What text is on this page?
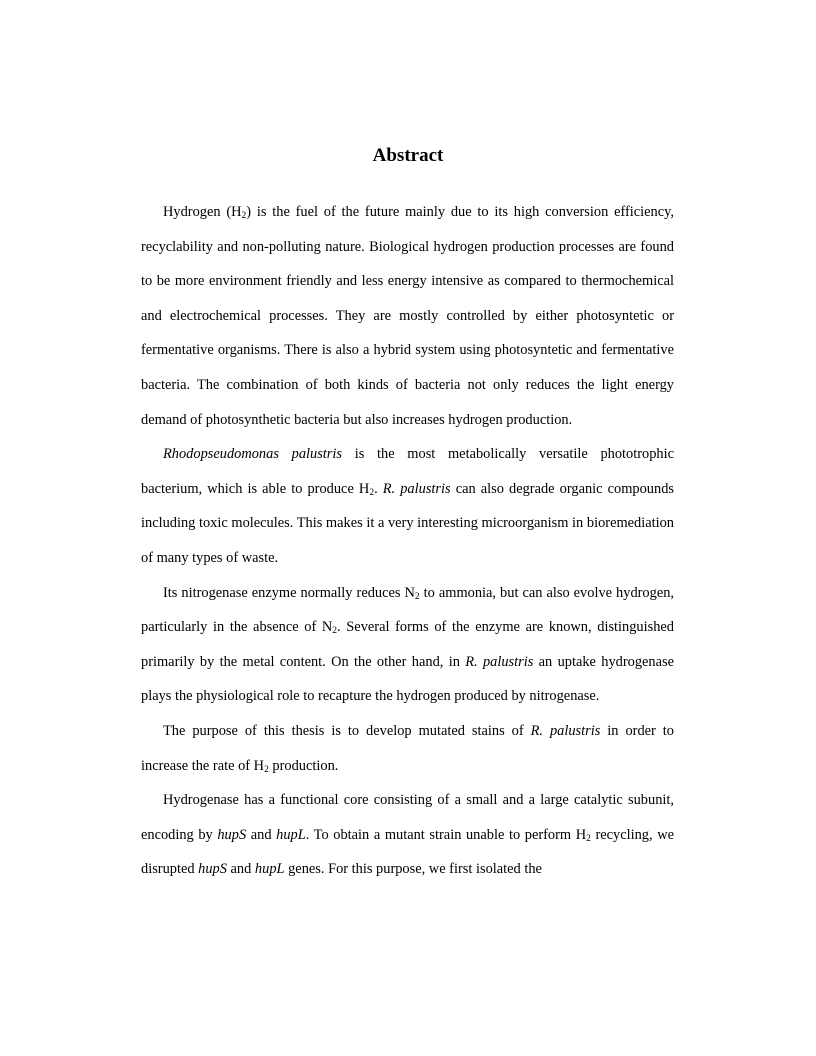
Abstract

Hydrogen $(H_2)$ is the fuel of the future mainly due to its high conversion efficiency, recyclability and non-polluting nature. Biological hydrogen production processes are found to be more environment friendly and less energy intensive as compared to thermochemical and electrochemical processes. They are mostly controlled by either photosyntetic or fermentative organisms. There is also a hybrid system using photosyntetic and fermentative bacteria. The combination of both kinds of bacteria not only reduces the light energy demand of photosynthetic bacteria but also increases hydrogen production.

Rhodopseudomonas palustris is the most metabolically versatile phototrophic bacterium, which is able to produce $H_2$. R. palustris can also degrade organic compounds including toxic molecules. This makes it a very interesting microorganism in bioremediation of many types of waste.

Its nitrogenase enzyme normally reduces $N_2$ to ammonia, but can also evolve hydrogen, particularly in the absence of $N_2$. Several forms of the enzyme are known, distinguished primarily by the metal content. On the other hand, in R. palustris an uptake hydrogenase plays the physiological role to recapture the hydrogen produced by nitrogenase.

The purpose of this thesis is to develop mutated stains of R. palustris in order to increase the rate of $H_2$ production.

Hydrogenase has a functional core consisting of a small and a large catalytic subunit, encoding by hupS and hupL. To obtain a mutant strain unable to perform $H_2$ recycling, we disrupted hupS and hupL genes. For this purpose, we first isolated the
